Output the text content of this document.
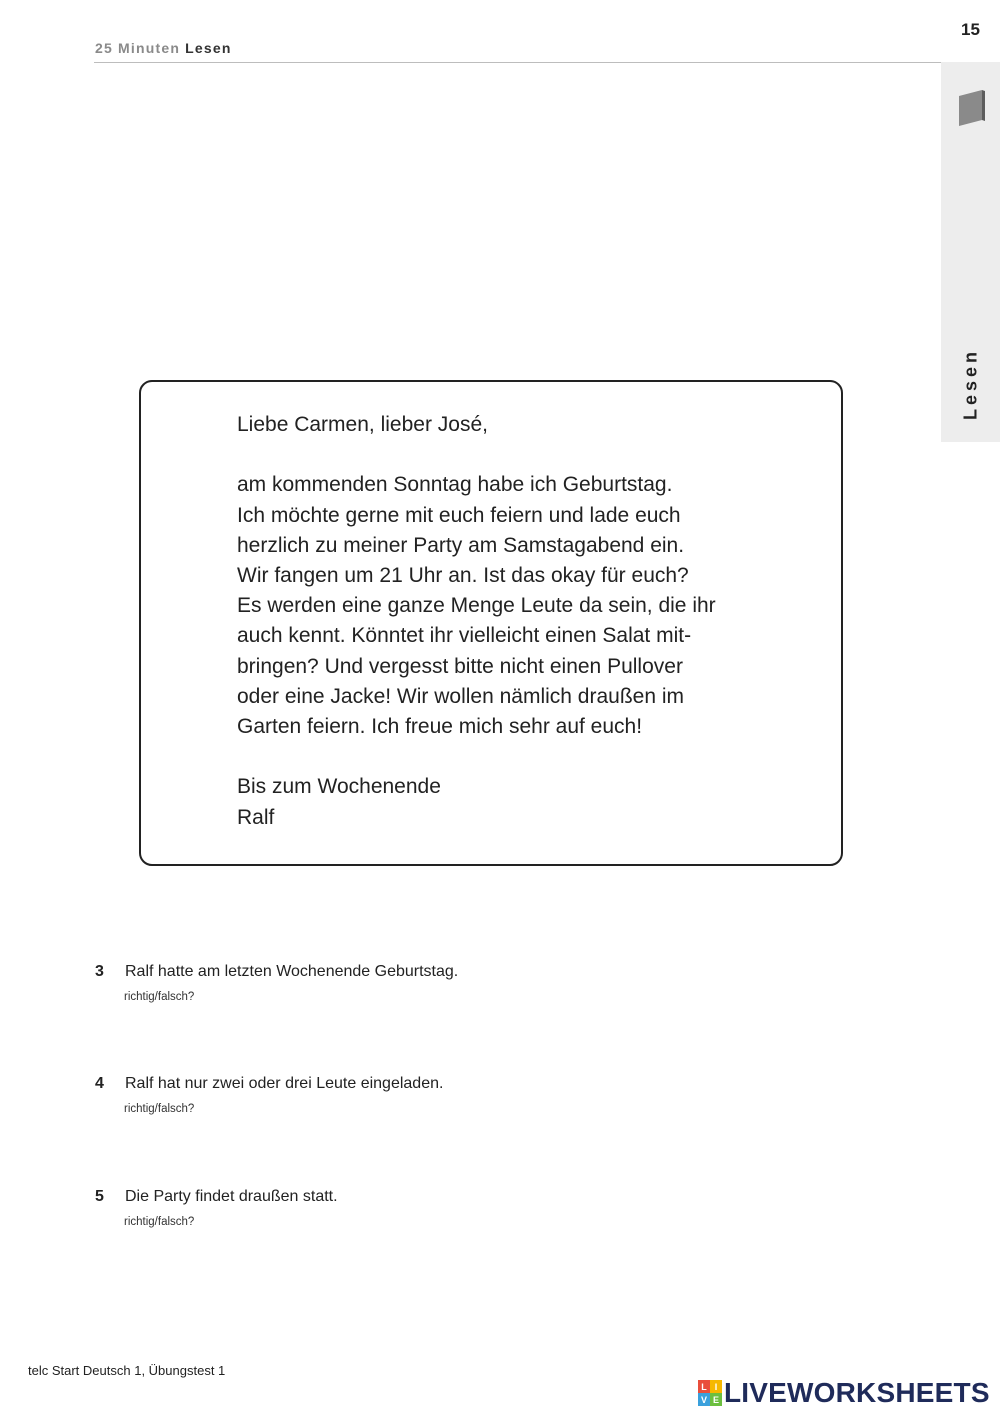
25 Minuten Lesen
15
Lesen
Liebe Carmen, lieber José,
am kommenden Sonntag habe ich Geburtstag.
Ich möchte gerne mit euch feiern und lade euch
herzlich zu meiner Party am Samstagabend ein.
Wir fangen um 21 Uhr an. Ist das okay für euch?
Es werden eine ganze Menge Leute da sein, die ihr
auch kennt. Könntet ihr vielleicht einen Salat mit-
bringen? Und vergesst bitte nicht einen Pullover
oder eine Jacke! Wir wollen nämlich draußen im
Garten feiern. Ich freue mich sehr auf euch!
Bis zum Wochenende
Ralf
3 Ralf hatte am letzten Wochenende Geburtstag.
richtig/falsch?
4 Ralf hat nur zwei oder drei Leute eingeladen.
richtig/falsch?
5 Die Party findet draußen statt.
richtig/falsch?
telc Start Deutsch 1, Übungstest 1
L I
V E LIVEWORKSHEETS
